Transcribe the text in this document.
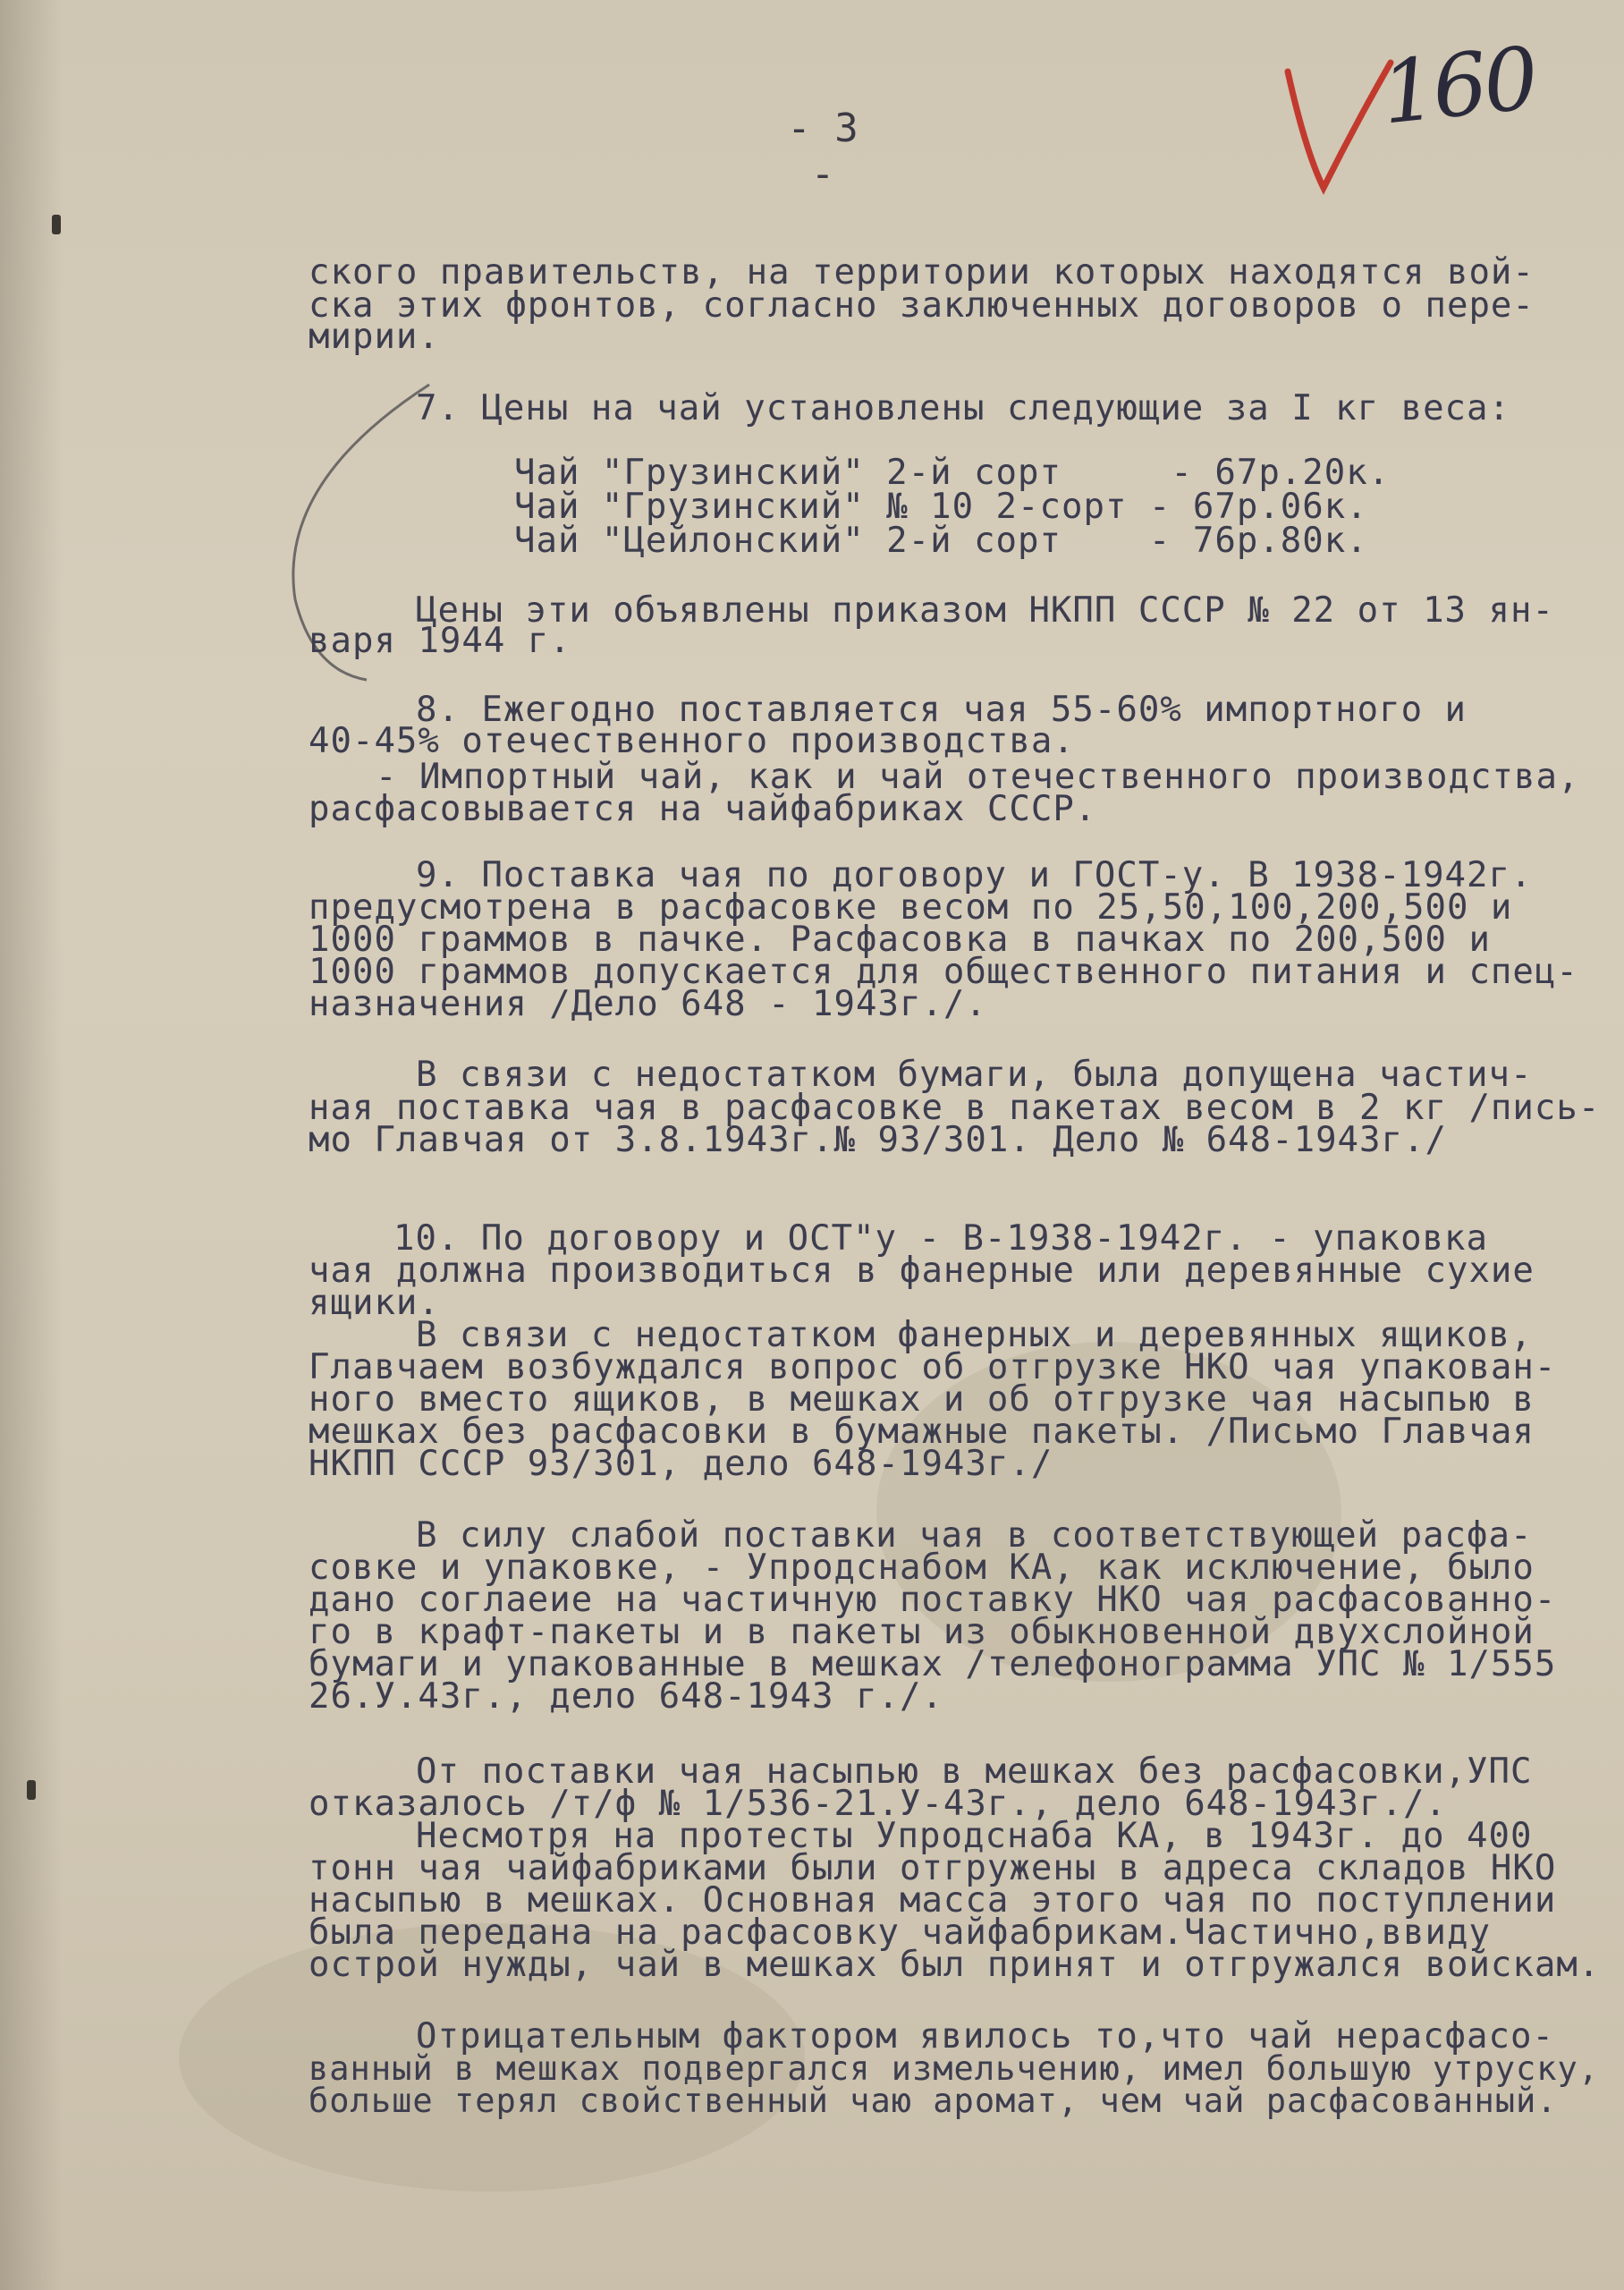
- 3 -
160
ского правительств, на территории которых находятся вой-
ска этих фронтов, согласно заключенных договоров о пере-
мирии.
7. Цены на чай установлены следующие за I кг веса:
Чай "Грузинский" 2-й сорт     - 67р.20к.
Чай "Грузинский" № 10 2-сорт - 67р.06к.
Чай "Цейлонский" 2-й сорт    - 76р.80к.
Цены эти объявлены приказом НКПП СССР № 22 от 13 ян-
варя 1944 г.
8. Ежегодно поставляется чая 55-60% импортного и
40-45% отечественного производства.
- Импортный чай, как и чай отечественного производства,
расфасовывается на чайфабриках СССР.
9. Поставка чая по договору и ГОСТ-у. В 1938-1942г.
предусмотрена в расфасовке весом по 25,50,100,200,500 и
1000 граммов в пачке. Расфасовка в пачках по 200,500 и
1000 граммов допускается для общественного питания и спец-
назначения /Дело 648 - 1943г./.
В связи с недостатком бумаги, была допущена частич-
ная поставка чая в расфасовке в пакетах весом в 2 кг /пись-
мо Главчая от 3.8.1943г.№ 93/301. Дело № 648-1943г./
10. По договору и ОСТ"у - В-1938-1942г. - упаковка
чая должна производиться в фанерные или деревянные сухие
ящики.
В связи с недостатком фанерных и деревянных ящиков,
Главчаем возбуждался вопрос об отгрузке НКО чая упакован-
ного вместо ящиков, в мешках и об отгрузке чая насыпью в
мешках без расфасовки в бумажные пакеты. /Письмо Главчая
НКПП СССР 93/301, дело 648-1943г./
В силу слабой поставки чая в соответствующей расфа-
совке и упаковке, - Упродснабом КА, как исключение, было
дано соглаеие на частичную поставку НКО чая расфасованно-
го в крафт-пакеты и в пакеты из обыкновенной двухслойной
бумаги и упакованные в мешках /телефонограмма УПС № 1/555
26.У.43г., дело 648-1943 г./.
От поставки чая насыпью в мешках без расфасовки,УПС
отказалось /т/ф № 1/536-21.У-43г., дело 648-1943г./.
Несмотря на протесты Упродснаба КА, в 1943г. до 400
тонн чая чайфабриками были отгружены в адреса складов НКО
насыпью в мешках. Основная масса этого чая по поступлении
была передана на расфасовку чайфабрикам.Частично,ввиду
острой нужды, чай в мешках был принят и отгружался войскам.
Отрицательным фактором явилось то,что чай нерасфасо-
ванный в мешках подвергался измельчению, имел большую утруску,
больше терял свойственный чаю аромат, чем чай расфасованный.
